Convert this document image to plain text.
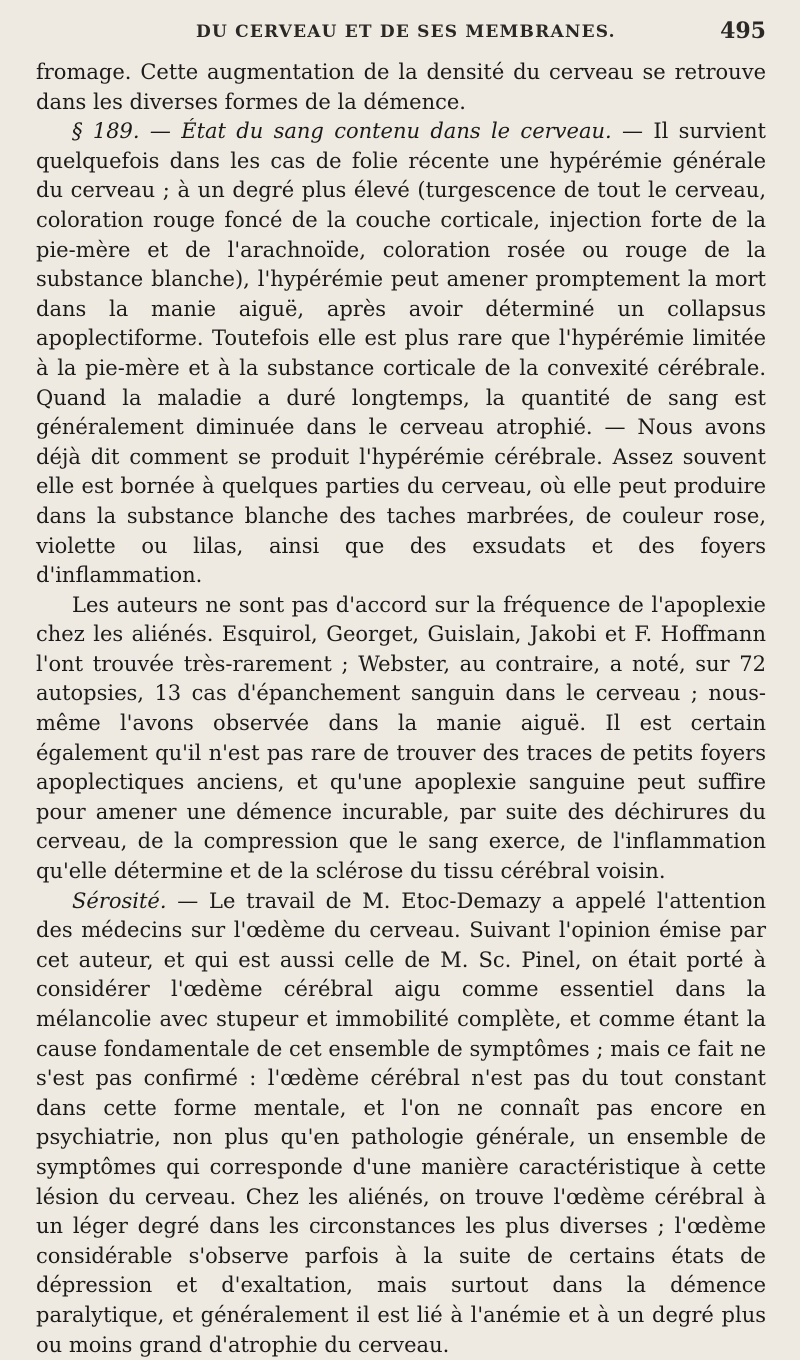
DU CERVEAU ET DE SES MEMBRANES.	495

fromage. Cette augmentation de la densité du cerveau se retrouve dans les diverses formes de la démence.

§ 189. — État du sang contenu dans le cerveau. — Il survient quelquefois dans les cas de folie récente une hypérémie générale du cerveau ; à un degré plus élevé (turgescence de tout le cerveau, coloration rouge foncé de la couche corticale, injection forte de la pie-mère et de l'arachnoïde, coloration rosée ou rouge de la substance blanche), l'hypérémie peut amener promptement la mort dans la manie aiguë, après avoir déterminé un collapsus apoplectiforme. Toutefois elle est plus rare que l'hypérémie limitée à la pie-mère et à la substance corticale de la convexité cérébrale. Quand la maladie a duré longtemps, la quantité de sang est généralement diminuée dans le cerveau atrophié. — Nous avons déjà dit comment se produit l'hypérémie cérébrale. Assez souvent elle est bornée à quelques parties du cerveau, où elle peut produire dans la substance blanche des taches marbrées, de couleur rose, violette ou lilas, ainsi que des exsudats et des foyers d'inflammation.

Les auteurs ne sont pas d'accord sur la fréquence de l'apoplexie chez les aliénés. Esquirol, Georget, Guislain, Jakobi et F. Hoffmann l'ont trouvée très-rarement ; Webster, au contraire, a noté, sur 72 autopsies, 13 cas d'épanchement sanguin dans le cerveau ; nous-même l'avons observée dans la manie aiguë. Il est certain également qu'il n'est pas rare de trouver des traces de petits foyers apoplectiques anciens, et qu'une apoplexie sanguine peut suffire pour amener une démence incurable, par suite des déchirures du cerveau, de la compression que le sang exerce, de l'inflammation qu'elle détermine et de la sclérose du tissu cérébral voisin.

Sérosité. — Le travail de M. Etoc-Demazy a appelé l'attention des médecins sur l'œdème du cerveau. Suivant l'opinion émise par cet auteur, et qui est aussi celle de M. Sc. Pinel, on était porté à considérer l'œdème cérébral aigu comme essentiel dans la mélancolie avec stupeur et immobilité complète, et comme étant la cause fondamentale de cet ensemble de symptômes ; mais ce fait ne s'est pas confirmé : l'œdème cérébral n'est pas du tout constant dans cette forme mentale, et l'on ne connaît pas encore en psychiatrie, non plus qu'en pathologie générale, un ensemble de symptômes qui corresponde d'une manière caractéristique à cette lésion du cerveau. Chez les aliénés, on trouve l'œdème cérébral à un léger degré dans les circonstances les plus diverses ; l'œdème considérable s'observe parfois à la suite de certains états de dépression et d'exaltation, mais surtout dans la démence paralytique, et généralement il est lié à l'anémie et à un degré plus ou moins grand d'atrophie du cerveau.
